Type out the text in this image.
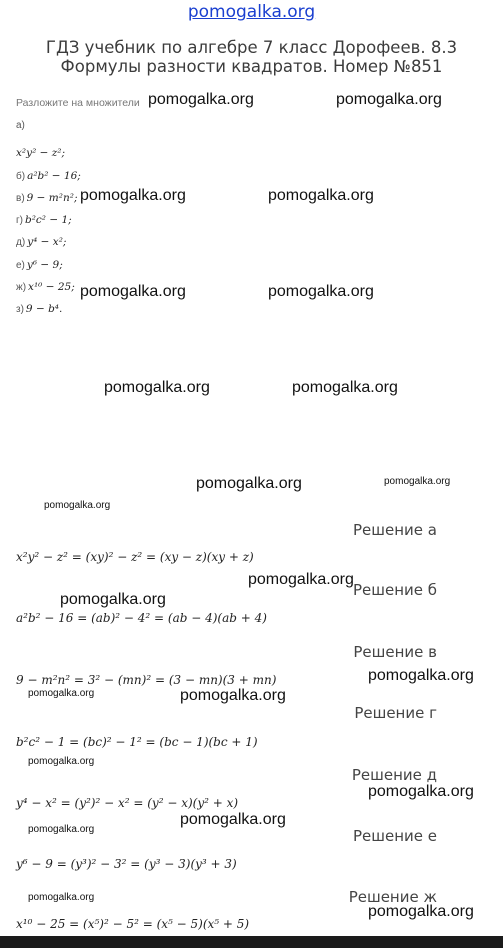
pomogalka.org
ГДЗ учебник по алгебре 7 класс Дорофеев. 8.3 Формулы разности квадратов. Номер №851
Разложите на множители
а)
x²y² − z²;
б) a²b² − 16;
в) 9 − m²n²;
г) b²c² − 1;
д) y⁴ − x²;
е) y⁶ − 9;
ж) x¹⁰ − 25;
з) 9 − b⁴.
Решение а
x²y² − z² = (xy)² − z² = (xy − z)(xy + z)
Решение б
a²b² − 16 = (ab)² − 4² = (ab − 4)(ab + 4)
Решение в
9 − m²n² = 3² − (mn)² = (3 − mn)(3 + mn)
Решение г
b²c² − 1 = (bc)² − 1² = (bc − 1)(bc + 1)
Решение д
y⁴ − x² = (y²)² − x² = (y² − x)(y² + x)
Решение е
y⁶ − 9 = (y³)² − 3² = (y³ − 3)(y³ + 3)
Решение ж
x¹⁰ − 25 = (x⁵)² − 5² = (x⁵ − 5)(x⁵ + 5)
pomogalka.org	pomogalka.org
pomogalka.org	pomogalka.org
pomogalka.org	pomogalka.org
pomogalka.org	pomogalka.org
pomogalka.org	pomogalka.org
pomogalka.org
pomogalka.org
pomogalka.org
pomogalka.org
pomogalka.org	pomogalka.org
pomogalka.org
pomogalka.org
pomogalka.org
pomogalka.org
pomogalka.org
pomogalka.org
